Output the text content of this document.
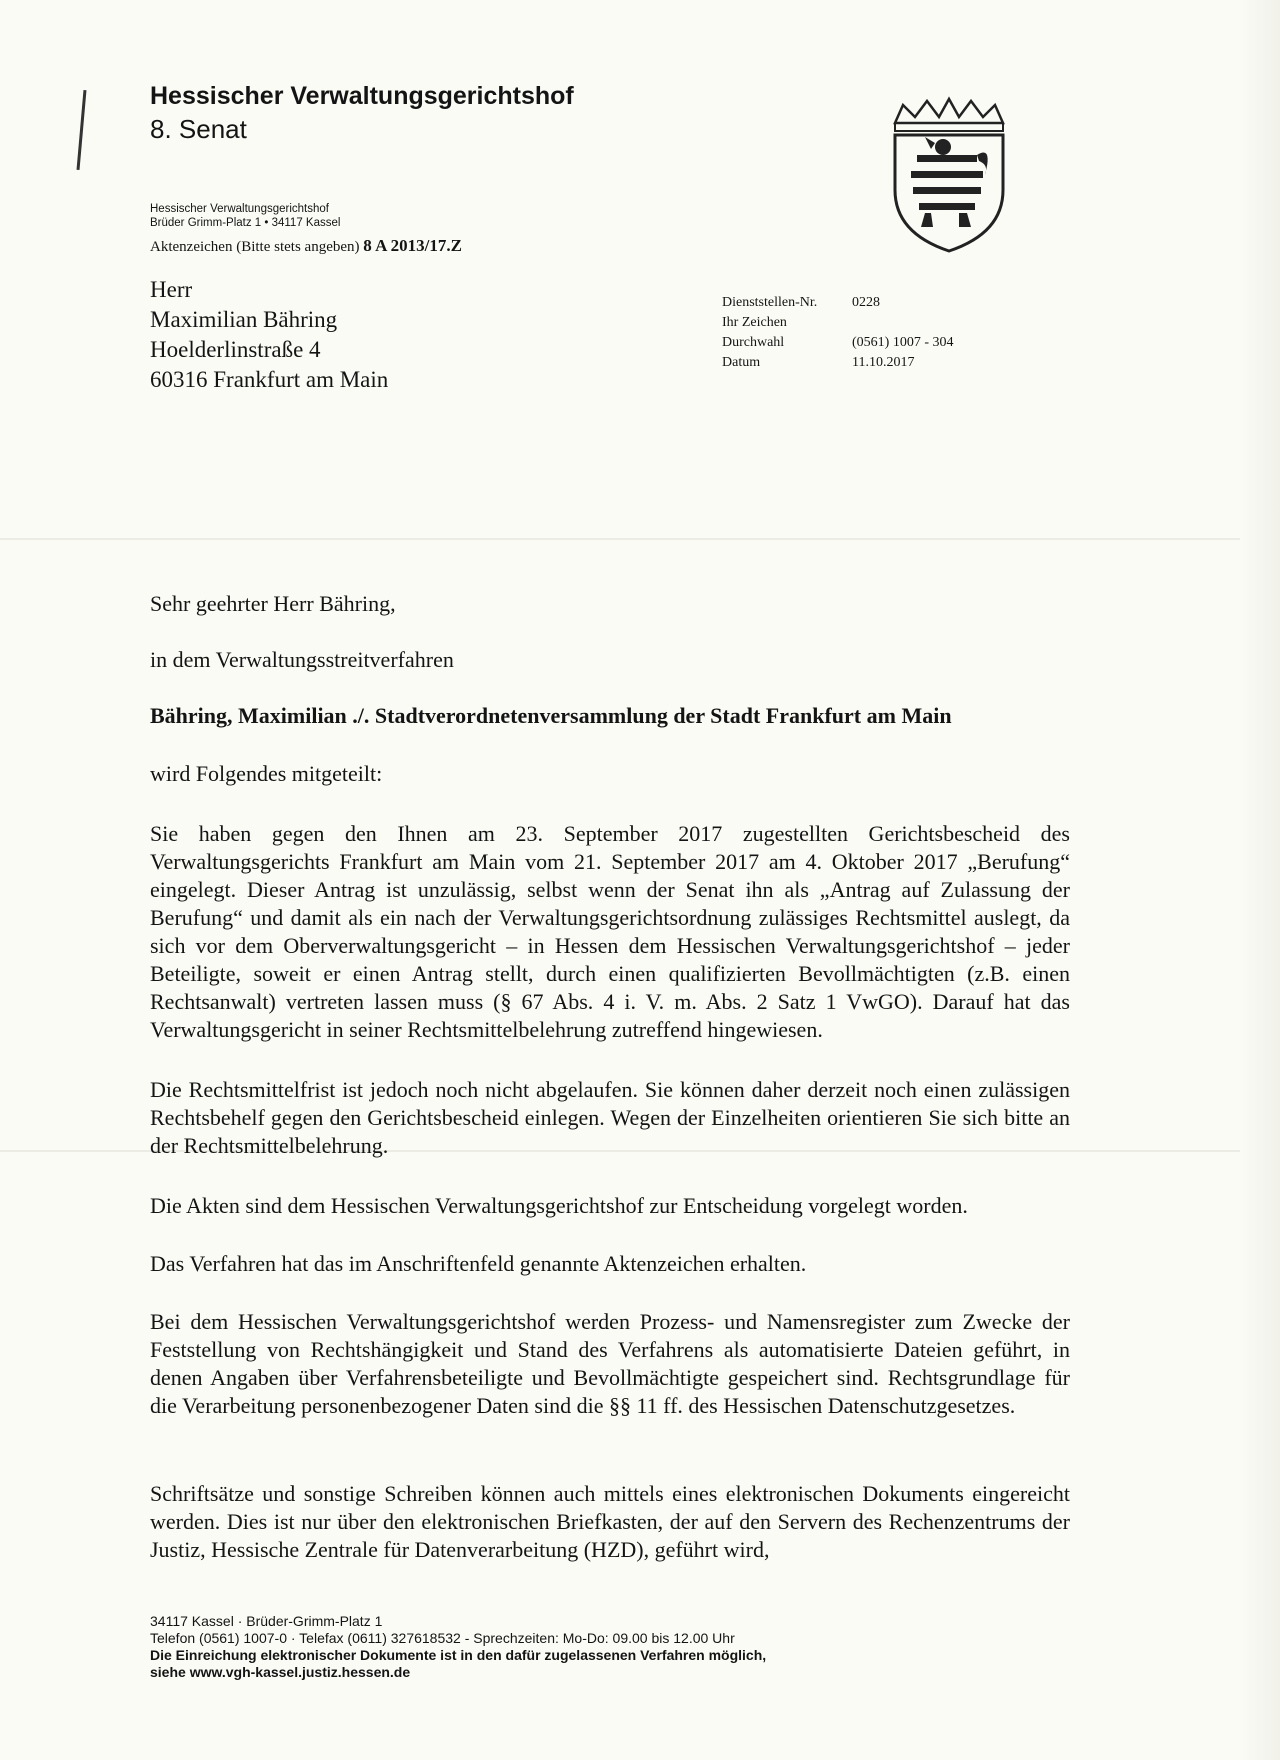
Hessischer Verwaltungsgerichtshof
8. Senat
Hessischer Verwaltungsgerichtshof
Brüder Grimm-Platz 1 • 34117 Kassel
Aktenzeichen (Bitte stets angeben) 8 A 2013/17.Z
Herr
Maximilian Bähring
Hoelderlinstraße 4
60316 Frankfurt am Main
Dienststellen-Nr.	0228
Ihr Zeichen
Durchwahl	(0561) 1007 - 304
Datum	11.10.2017
Sehr geehrter Herr Bähring,
in dem Verwaltungsstreitverfahren
Bähring, Maximilian ./. Stadtverordnetenversammlung der Stadt Frankfurt am Main
wird Folgendes mitgeteilt:
Sie haben gegen den Ihnen am 23. September 2017 zugestellten Gerichtsbescheid des Verwaltungsgerichts Frankfurt am Main vom 21. September 2017 am 4. Oktober 2017 „Berufung“ eingelegt. Dieser Antrag ist unzulässig, selbst wenn der Senat ihn als „Antrag auf Zulassung der Berufung“ und damit als ein nach der Verwaltungsgerichtsordnung zulässiges Rechtsmittel auslegt, da sich vor dem Oberverwaltungsgericht – in Hessen dem Hessischen Verwaltungsgerichtshof – jeder Beteiligte, soweit er einen Antrag stellt, durch einen qualifizierten Bevollmächtigten (z.B. einen Rechtsanwalt) vertreten lassen muss (§ 67 Abs. 4 i. V. m. Abs. 2 Satz 1 VwGO). Darauf hat das Verwaltungsgericht in seiner Rechtsmittelbelehrung zutreffend hingewiesen.
Die Rechtsmittelfrist ist jedoch noch nicht abgelaufen. Sie können daher derzeit noch einen zulässigen Rechtsbehelf gegen den Gerichtsbescheid einlegen. Wegen der Einzelheiten orientieren Sie sich bitte an der Rechtsmittelbelehrung.
Die Akten sind dem Hessischen Verwaltungsgerichtshof zur Entscheidung vorgelegt worden.
Das Verfahren hat das im Anschriftenfeld genannte Aktenzeichen erhalten.
Bei dem Hessischen Verwaltungsgerichtshof werden Prozess- und Namensregister zum Zwecke der Feststellung von Rechtshängigkeit und Stand des Verfahrens als automatisierte Dateien geführt, in denen Angaben über Verfahrensbeteiligte und Bevollmächtigte gespeichert sind. Rechtsgrundlage für die Verarbeitung personenbezogener Daten sind die §§ 11 ff. des Hessischen Datenschutzgesetzes.
Schriftsätze und sonstige Schreiben können auch mittels eines elektronischen Dokuments eingereicht werden. Dies ist nur über den elektronischen Briefkasten, der auf den Servern des Rechenzentrums der Justiz, Hessische Zentrale für Datenverarbeitung (HZD), geführt wird,
34117 Kassel · Brüder-Grimm-Platz 1
Telefon (0561) 1007-0 · Telefax (0611) 327618532 - Sprechzeiten: Mo-Do: 09.00 bis 12.00 Uhr
Die Einreichung elektronischer Dokumente ist in den dafür zugelassenen Verfahren möglich,
siehe www.vgh-kassel.justiz.hessen.de
